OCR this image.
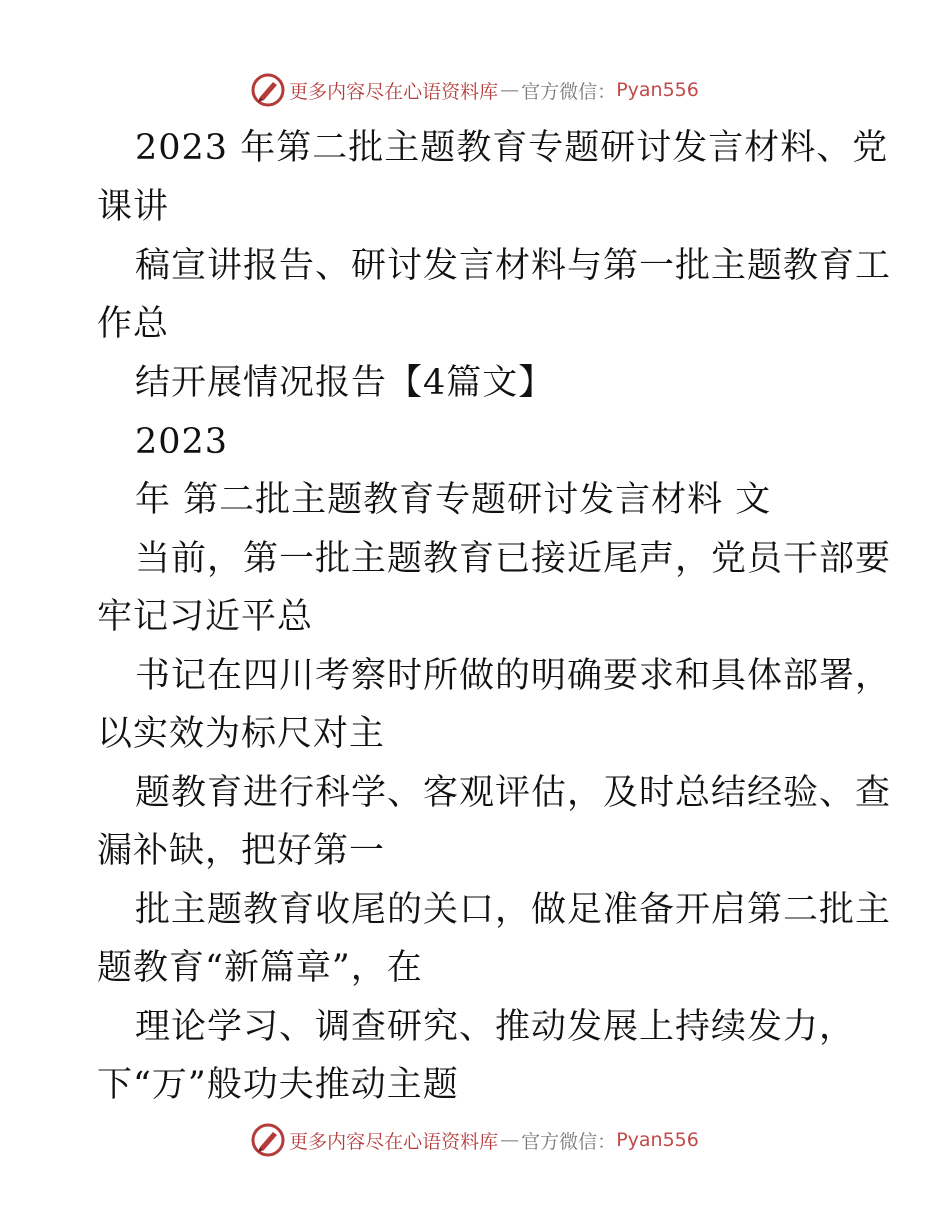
更多内容尽在心语资料库 — 官方微信： Pyan556
2023 年第二批主题教育专题研讨发言材料、党
课讲
稿宣讲报告、研讨发言材料与第一批主题教育工
作总
结开展情况报告【4篇文】
2023
年 第二批主题教育专题研讨发言材料 文
当前，第一批主题教育已接近尾声，党员干部要
牢记习近平总
书记在四川考察时所做的明确要求和具体部署，
以实效为标尺对主
题教育进行科学、客观评估，及时总结经验、查
漏补缺，把好第一
批主题教育收尾的关口，做足准备开启第二批主
题教育“新篇章”，在
理论学习、调查研究、推动发展上持续发力，
下“万”般功夫推动主题
更多内容尽在心语资料库 — 官方微信： Pyan556
